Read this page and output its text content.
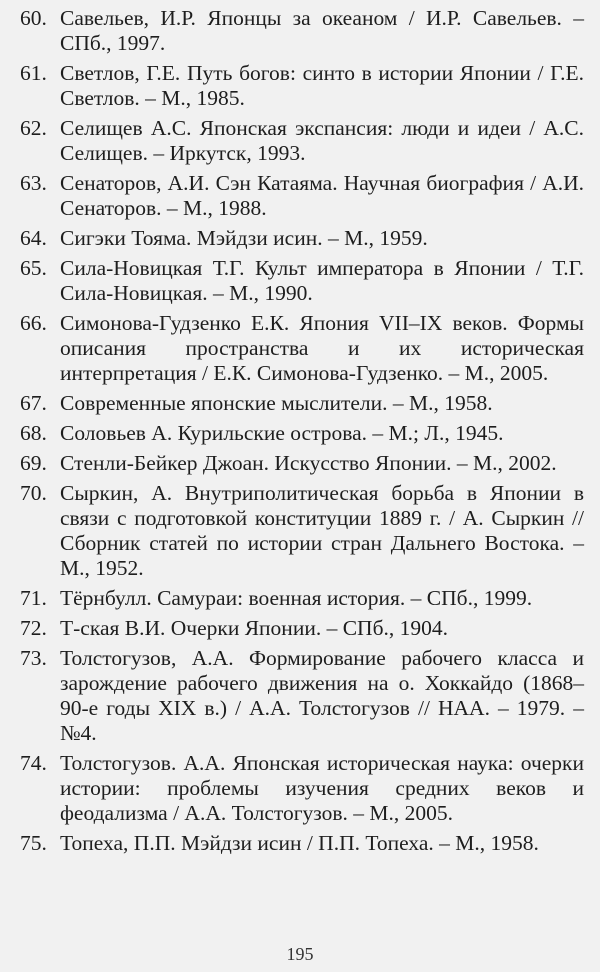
60. Савельев, И.Р. Японцы за океаном / И.Р. Савельев. – СПб., 1997.
61. Светлов, Г.Е. Путь богов: синто в истории Японии / Г.Е. Светлов. – М., 1985.
62. Селищев А.С. Японская экспансия: люди и идеи / А.С. Селищев. – Иркутск, 1993.
63. Сенаторов, А.И. Сэн Катаяма. Научная биография / А.И. Сенаторов. – М., 1988.
64. Сигэки Тояма. Мэйдзи исин. – М., 1959.
65. Сила-Новицкая Т.Г. Культ императора в Японии / Т.Г. Сила-Новицкая. – М., 1990.
66. Симонова-Гудзенко Е.К. Япония VII–IX веков. Формы описания пространства и их историческая интерпретация / Е.К. Симонова-Гудзенко. – М., 2005.
67. Современные японские мыслители. – М., 1958.
68. Соловьев А. Курильские острова. – М.; Л., 1945.
69. Стенли-Бейкер Джоан. Искусство Японии. – М., 2002.
70. Сыркин, А. Внутриполитическая борьба в Японии в связи с подготовкой конституции 1889 г. / А. Сыркин // Сборник статей по истории стран Дальнего Востока. – М., 1952.
71. Тёрнбулл. Самураи: военная история. – СПб., 1999.
72. Т-ская В.И. Очерки Японии. – СПб., 1904.
73. Толстогузов, А.А. Формирование рабочего класса и зарождение рабочего движения на о. Хоккайдо (1868–90-е годы XIX в.) / А.А. Толстогузов // НАА. – 1979. – №4.
74. Толстогузов. А.А. Японская историческая наука: очерки истории: проблемы изучения средних веков и феодализма / А.А. Толстогузов. – М., 2005.
75. Топеха, П.П. Мэйдзи исин / П.П. Топеха. – М., 1958.
195
